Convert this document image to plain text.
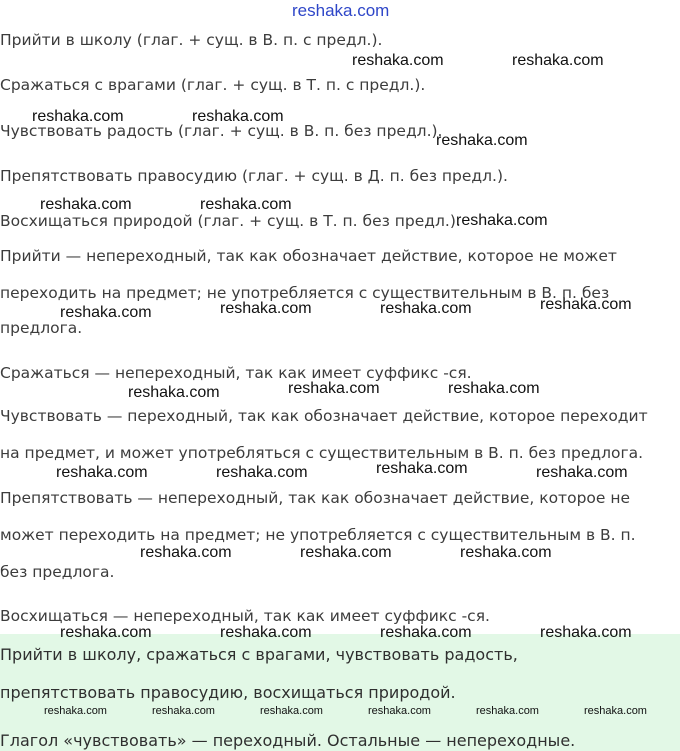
reshaka.com
Прийти в школу (глаг. + сущ. в В. п. с предл.).
Сражаться с врагами (глаг. + сущ. в Т. п. с предл.).
Чувствовать радость (глаг. + сущ. в В. п. без предл.).
Препятствовать правосудию (глаг. + сущ. в Д. п. без предл.).
Восхищаться природой (глаг. + сущ. в Т. п. без предл.).
Прийти — непереходный, так как обозначает действие, которое не может
переходить на предмет; не употребляется с существительным в В. п. без
предлога.
Сражаться — непереходный, так как имеет суффикс -ся.
Чувствовать — переходный, так как обозначает действие, которое переходит
на предмет, и может употребляться с существительным в В. п. без предлога.
Препятствовать — непереходный, так как обозначает действие, которое не
может переходить на предмет; не употребляется с существительным в В. п.
без предлога.
Восхищаться — непереходный, так как имеет суффикс -ся.
Прийти в школу, сражаться с врагами, чувствовать радость,
препятствовать правосудию, восхищаться природой.
Глагол «чувствовать» — переходный. Остальные — непереходные.
reshaka.com	reshaka.com
reshaka.com	reshaka.com
reshaka.com
reshaka.com	reshaka.com
reshaka.com
reshaka.com
reshaka.com	reshaka.com
reshaka.com
reshaka.com	reshaka.com
reshaka.com
reshaka.com
reshaka.com	reshaka.com	reshaka.com
reshaka.com	reshaka.com	reshaka.com
reshaka.com	reshaka.com	reshaka.com	reshaka.com
reshaka.com	reshaka.com	reshaka.com	reshaka.com	reshaka.com	reshaka.com
